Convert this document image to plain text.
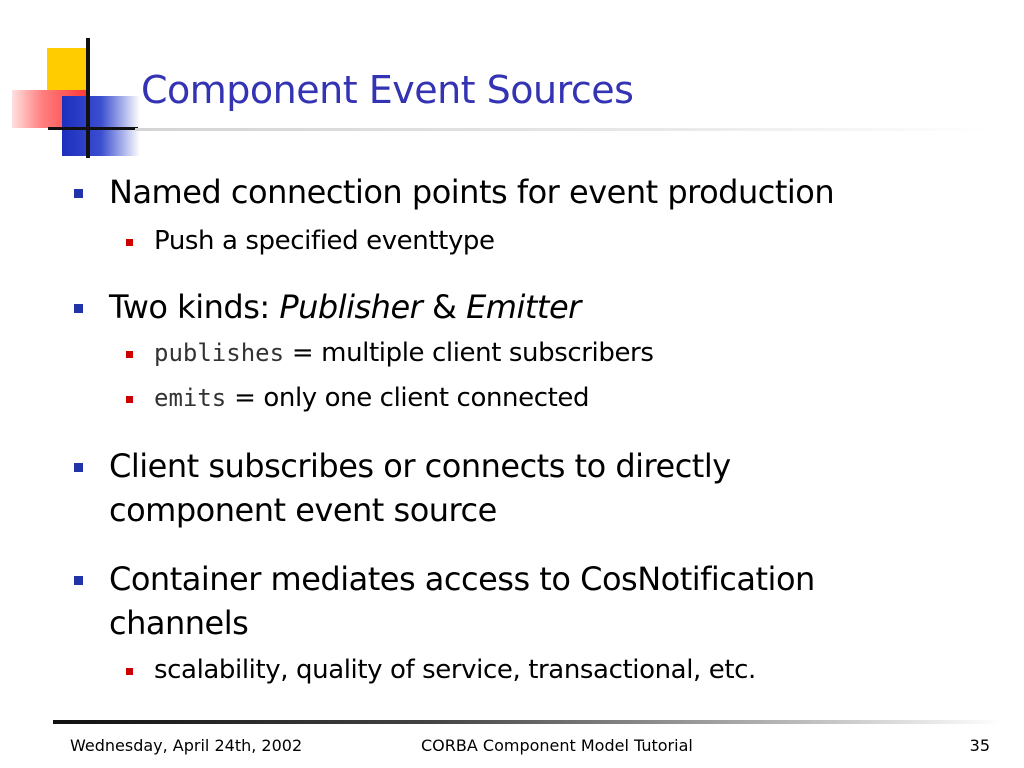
Component Event Sources
Named connection points for event production
Push a specified eventtype
Two kinds: Publisher & Emitter
publishes = multiple client subscribers
emits = only one client connected
Client subscribes or connects to directly
component event source
Container mediates access to CosNotification
channels
scalability, quality of service, transactional, etc.
Wednesday, April 24th, 2002	CORBA Component Model Tutorial	35
